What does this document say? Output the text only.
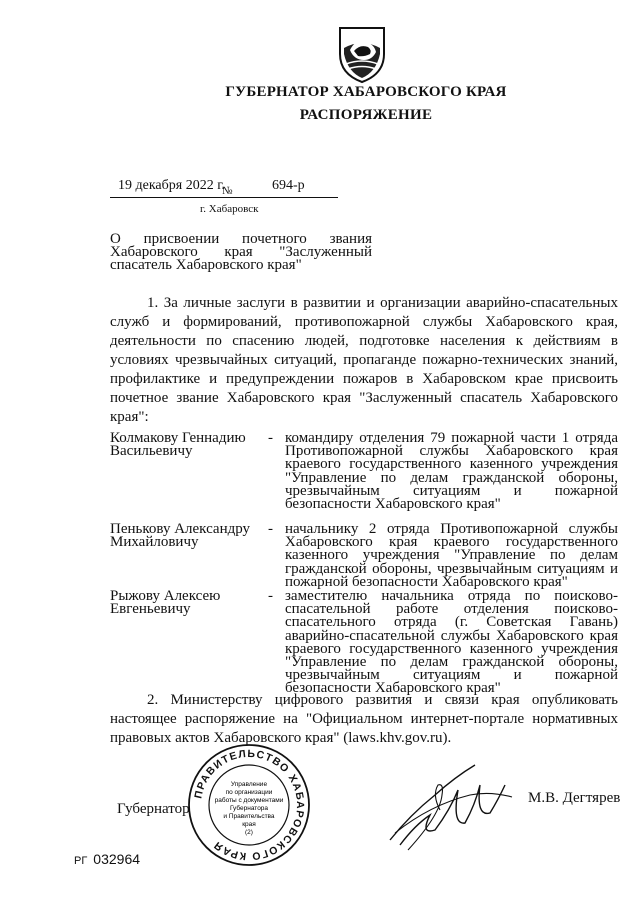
ГУБЕРНАТОР ХАБАРОВСКОГО КРАЯ
РАСПОРЯЖЕНИЕ
19 декабря 2022 г.
№	694-р
г. Хабаровск
О присвоении почетного звания Хабаровского края "Заслуженный спасатель Хабаровского края"
1. За личные заслуги в развитии и организации аварийно-спасательных служб и формирований, противопожарной службы Хабаровского края, деятельности по спасению людей, подготовке населения к действиям в условиях чрезвычайных ситуаций, пропаганде пожарно-технических знаний, профилактике и предупреждении пожаров в Хабаровском крае присвоить почетное звание Хабаровского края "Заслуженный спасатель Хабаровского края":
Колмакову Геннадию Васильевичу
- командиру отделения 79 пожарной части 1 отряда Противопожарной службы Хабаровского края краевого государственного казенного учреждения "Управление по делам гражданской обороны, чрезвычайным ситуациям и пожарной безопасности Хабаровского края"
Пенькову Александру Михайловичу
- начальнику 2 отряда Противопожарной службы Хабаровского края краевого государственного казенного учреждения "Управление по делам гражданской обороны, чрезвычайным ситуациям и пожарной безопасности Хабаровского края"
Рыжову Алексею Евгеньевичу
- заместителю начальника отряда по поисково-спасательной работе отделения поисково-спасательного отряда (г. Советская Гавань) аварийно-спасательной службы Хабаровского края краевого государственного казенного учреждения "Управление по делам гражданской обороны, чрезвычайным ситуациям и пожарной безопасности Хабаровского края"
2. Министерству цифрового развития и связи края опубликовать настоящее распоряжение на "Официальном интернет-портале нормативных правовых актов Хабаровского края" (laws.khv.gov.ru).
ПРАВИТЕЛЬСТВО ХАБАРОВСКОГО КРАЯ
Управление
по организации
работы с документами
Губернатора
и Правительства
края
(2)
Губернатор
М.В. Дегтярев
РГ 032964
